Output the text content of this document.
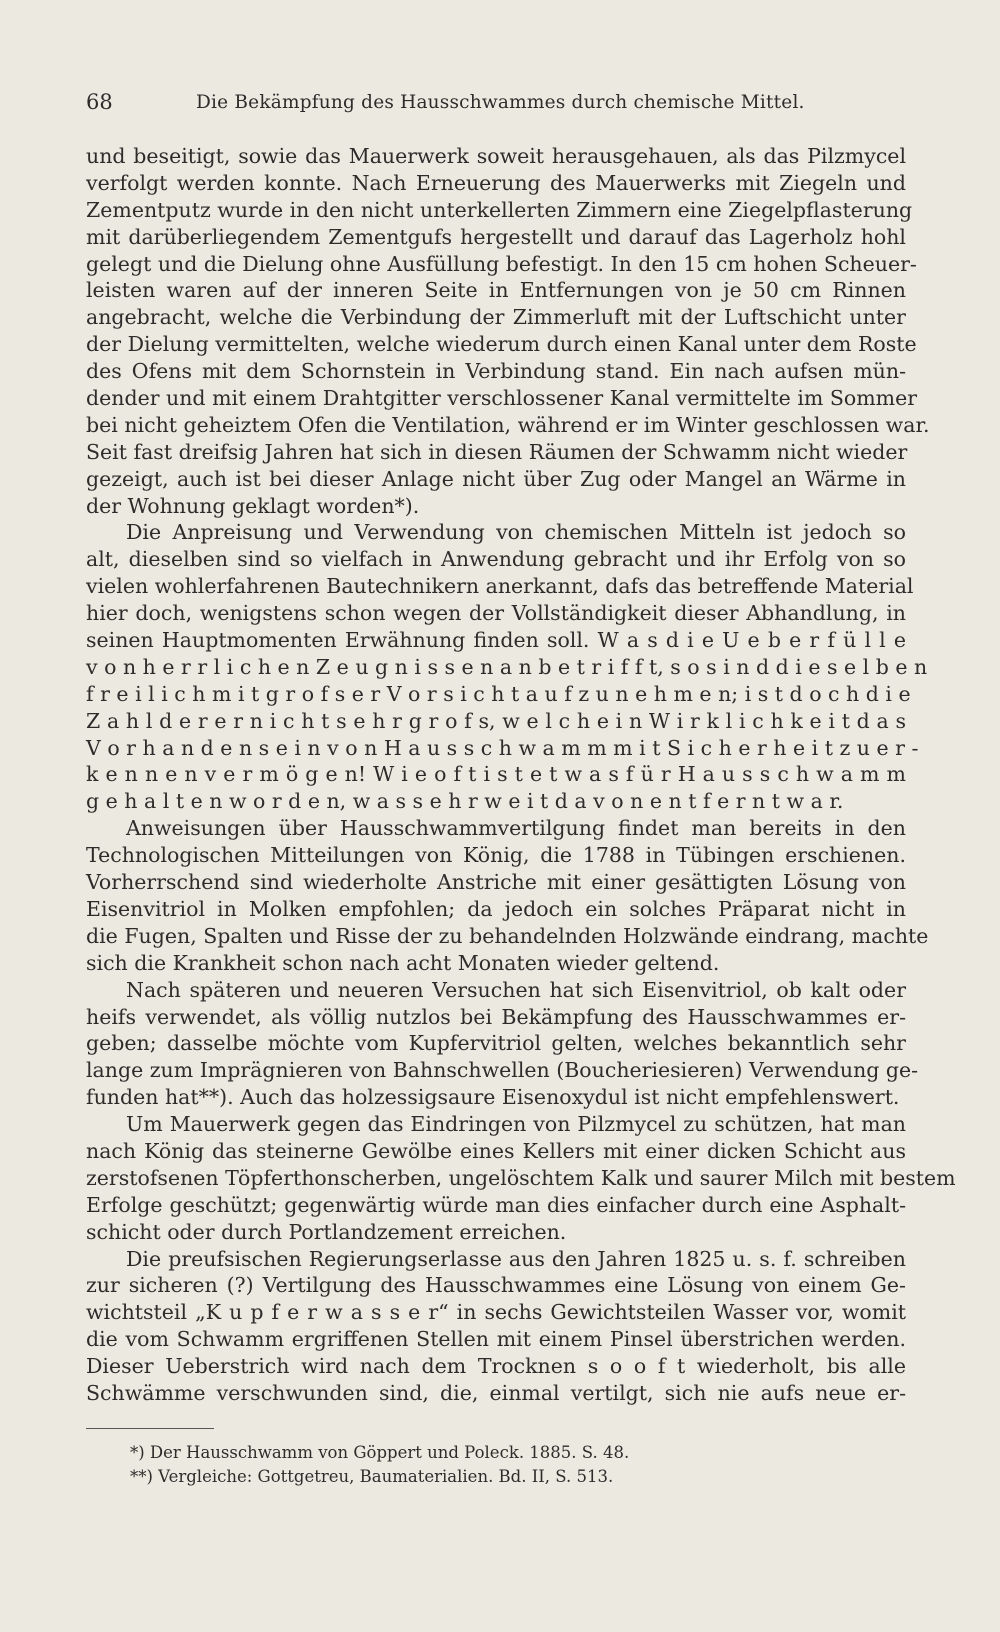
68	Die Bekämpfung des Hausschwammes durch chemische Mittel.
und beseitigt, sowie das Mauerwerk soweit herausgehauen, als das Pilzmycel
verfolgt werden konnte. Nach Erneuerung des Mauerwerks mit Ziegeln und
Zementputz wurde in den nicht unterkellerten Zimmern eine Ziegelpflasterung
mit darüberliegendem Zementgufs hergestellt und darauf das Lagerholz hohl
gelegt und die Dielung ohne Ausfüllung befestigt. In den 15 cm hohen Scheuer-
leisten waren auf der inneren Seite in Entfernungen von je 50 cm Rinnen
angebracht, welche die Verbindung der Zimmerluft mit der Luftschicht unter
der Dielung vermittelten, welche wiederum durch einen Kanal unter dem Roste
des Ofens mit dem Schornstein in Verbindung stand. Ein nach aufsen mün-
dender und mit einem Drahtgitter verschlossener Kanal vermittelte im Sommer
bei nicht geheiztem Ofen die Ventilation, während er im Winter geschlossen war.
Seit fast dreifsig Jahren hat sich in diesen Räumen der Schwamm nicht wieder
gezeigt, auch ist bei dieser Anlage nicht über Zug oder Mangel an Wärme in
der Wohnung geklagt worden*).
Die Anpreisung und Verwendung von chemischen Mitteln ist jedoch so
alt, dieselben sind so vielfach in Anwendung gebracht und ihr Erfolg von so
vielen wohlerfahrenen Bautechnikern anerkannt, dafs das betreffende Material
hier doch, wenigstens schon wegen der Vollständigkeit dieser Abhandlung, in
seinen Hauptmomenten Erwähnung finden soll. W a s d i e U e b e r f ü l l e
v o n h e r r l i c h e n Z e u g n i s s e n a n b e t r i f f t, s o s i n d d i e s e l b e n
f r e i l i c h m i t g r o f s e r V o r s i c h t a u f z u n e h m e n; i s t d o c h d i e
Z a h l d e r e r n i c h t s e h r g r o f s, w e l c h e i n W i r k l i c h k e i t d a s
V o r h a n d e n s e i n v o n H a u s s c h w a m m m i t S i c h e r h e i t z u e r -
k e n n e n v e r m ö g e n! W i e o f t i s t e t w a s f ü r H a u s s c h w a m m
g e h a l t e n w o r d e n, w a s s e h r w e i t d a v o n e n t f e r n t w a r.
Anweisungen über Hausschwammvertilgung findet man bereits in den
Technologischen Mitteilungen von König, die 1788 in Tübingen erschienen.
Vorherrschend sind wiederholte Anstriche mit einer gesättigten Lösung von
Eisenvitriol in Molken empfohlen; da jedoch ein solches Präparat nicht in
die Fugen, Spalten und Risse der zu behandelnden Holzwände eindrang, machte
sich die Krankheit schon nach acht Monaten wieder geltend.
Nach späteren und neueren Versuchen hat sich Eisenvitriol, ob kalt oder
heifs verwendet, als völlig nutzlos bei Bekämpfung des Hausschwammes er-
geben; dasselbe möchte vom Kupfervitriol gelten, welches bekanntlich sehr
lange zum Imprägnieren von Bahnschwellen (Boucheriesieren) Verwendung ge-
funden hat**). Auch das holzessigsaure Eisenoxydul ist nicht empfehlenswert.
Um Mauerwerk gegen das Eindringen von Pilzmycel zu schützen, hat man
nach König das steinerne Gewölbe eines Kellers mit einer dicken Schicht aus
zerstofsenen Töpferthonscherben, ungelöschtem Kalk und saurer Milch mit bestem
Erfolge geschützt; gegenwärtig würde man dies einfacher durch eine Asphalt-
schicht oder durch Portlandzement erreichen.
Die preufsischen Regierungserlasse aus den Jahren 1825 u. s. f. schreiben
zur sicheren (?) Vertilgung des Hausschwammes eine Lösung von einem Ge-
wichtsteil „K u p f e r w a s s e r“ in sechs Gewichtsteilen Wasser vor, womit
die vom Schwamm ergriffenen Stellen mit einem Pinsel überstrichen werden.
Dieser Ueberstrich wird nach dem Trocknen s o o f t wiederholt, bis alle
Schwämme verschwunden sind, die, einmal vertilgt, sich nie aufs neue er-
*) Der Hausschwamm von Göppert und Poleck. 1885. S. 48.
**) Vergleiche: Gottgetreu, Baumaterialien. Bd. II, S. 513.
